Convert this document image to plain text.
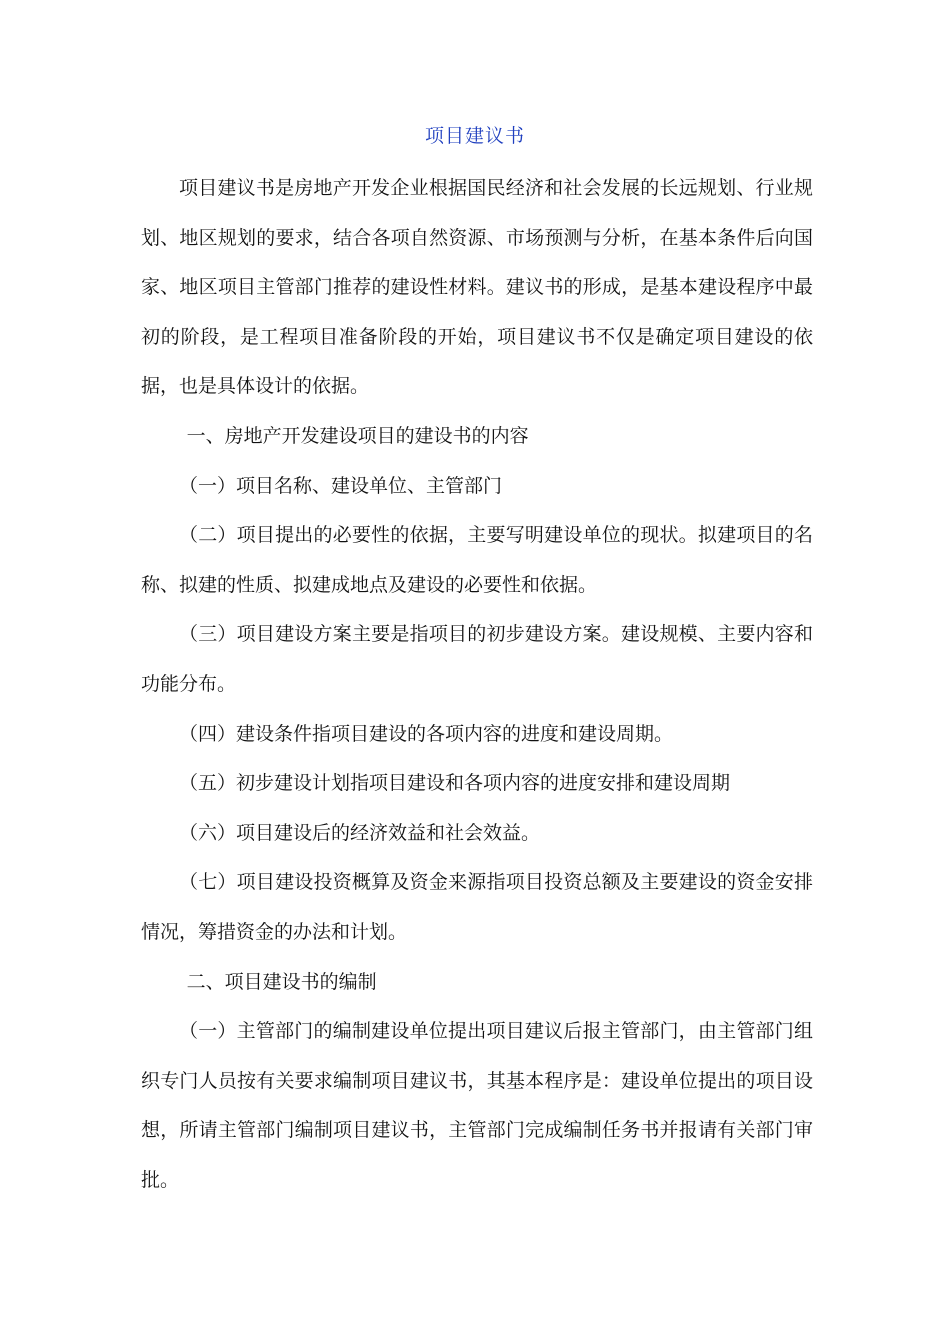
项目建议书

项目建议书是房地产开发企业根据国民经济和社会发展的长远规划、行业规划、地区规划的要求，结合各项自然资源、市场预测与分析，在基本条件后向国家、地区项目主管部门推荐的建设性材料。建议书的形成，是基本建设程序中最初的阶段，是工程项目准备阶段的开始，项目建议书不仅是确定项目建设的依据，也是具体设计的依据。

一、房地产开发建设项目的建设书的内容

（一）项目名称、建设单位、主管部门

（二）项目提出的必要性的依据，主要写明建设单位的现状。拟建项目的名称、拟建的性质、拟建成地点及建设的必要性和依据。

（三）项目建设方案主要是指项目的初步建设方案。建设规模、主要内容和功能分布。

（四）建设条件指项目建设的各项内容的进度和建设周期。

（五）初步建设计划指项目建设和各项内容的进度安排和建设周期

（六）项目建设后的经济效益和社会效益。

（七）项目建设投资概算及资金来源指项目投资总额及主要建设的资金安排情况，筹措资金的办法和计划。

二、项目建设书的编制

（一）主管部门的编制建设单位提出项目建议后报主管部门，由主管部门组织专门人员按有关要求编制项目建议书，其基本程序是：建设单位提出的项目设想，所请主管部门编制项目建议书，主管部门完成编制任务书并报请有关部门审批。
